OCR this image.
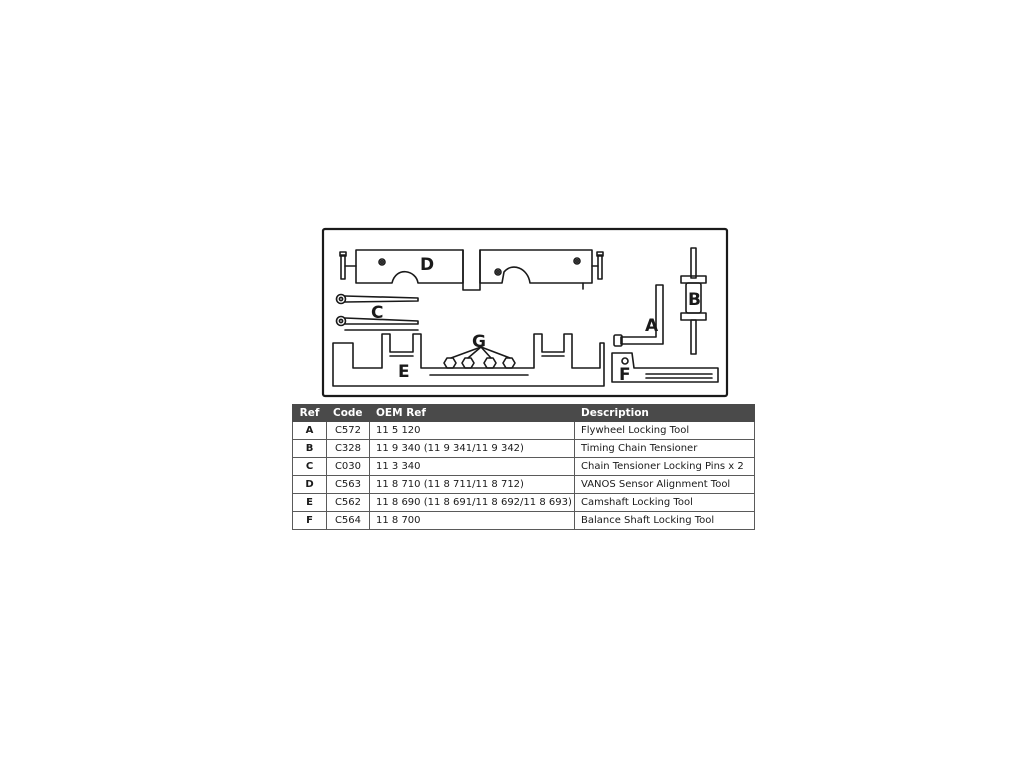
D
C
G
E
A
B
F
Ref	Code	OEM Ref	Description
A	C572	11 5 120	Flywheel Locking Tool
B	C328	11 9 340 (11 9 341/11 9 342)	Timing Chain Tensioner
C	C030	11 3 340	Chain Tensioner Locking Pins x 2
D	C563	11 8 710 (11 8 711/11 8 712)	VANOS Sensor Alignment Tool
E	C562	11 8 690 (11 8 691/11 8 692/11 8 693)	Camshaft Locking Tool
F	C564	11 8 700	Balance Shaft Locking Tool
